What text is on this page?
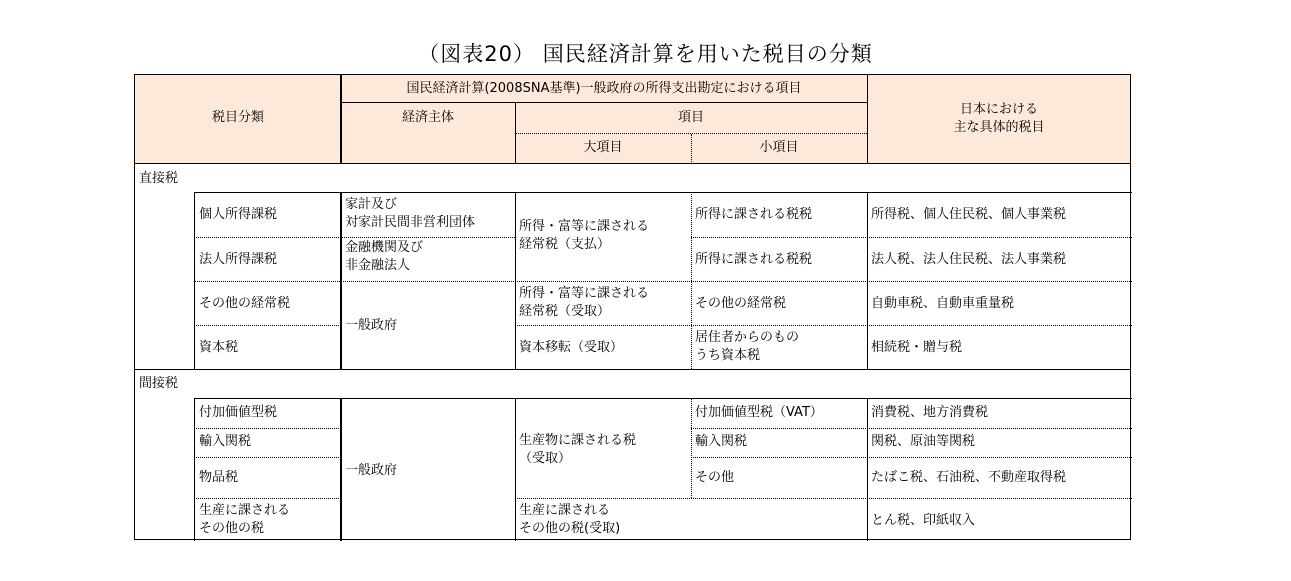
（図表20） 国民経済計算を用いた税目の分類
税目分類
国民経済計算(2008SNA基準)一般政府の所得支出勘定における項目
経済主体	項目
大項目	小項目
日本における
主な具体的税目
直接税
個人所得課税
法人所得課税
その他の経常税
資本税
家計及び
対家計民間非営利団体
金融機関及び
非金融法人
一般政府
所得・富等に課される
経常税（支払）
所得・富等に課される
経常税（受取）
資本移転（受取）
所得に課される税税
所得に課される税税
その他の経常税
居住者からのもの
うち資本税
所得税、個人住民税、個人事業税
法人税、法人住民税、法人事業税
自動車税、自動車重量税
相続税・贈与税
間接税
付加価値型税
輸入関税
物品税
生産に課される
その他の税
一般政府
生産物に課される税
（受取）
生産に課される
その他の税(受取)
付加価値型税（VAT）
輸入関税
その他
消費税、地方消費税
関税、原油等関税
たばこ税、石油税、不動産取得税
とん税、印紙収入
